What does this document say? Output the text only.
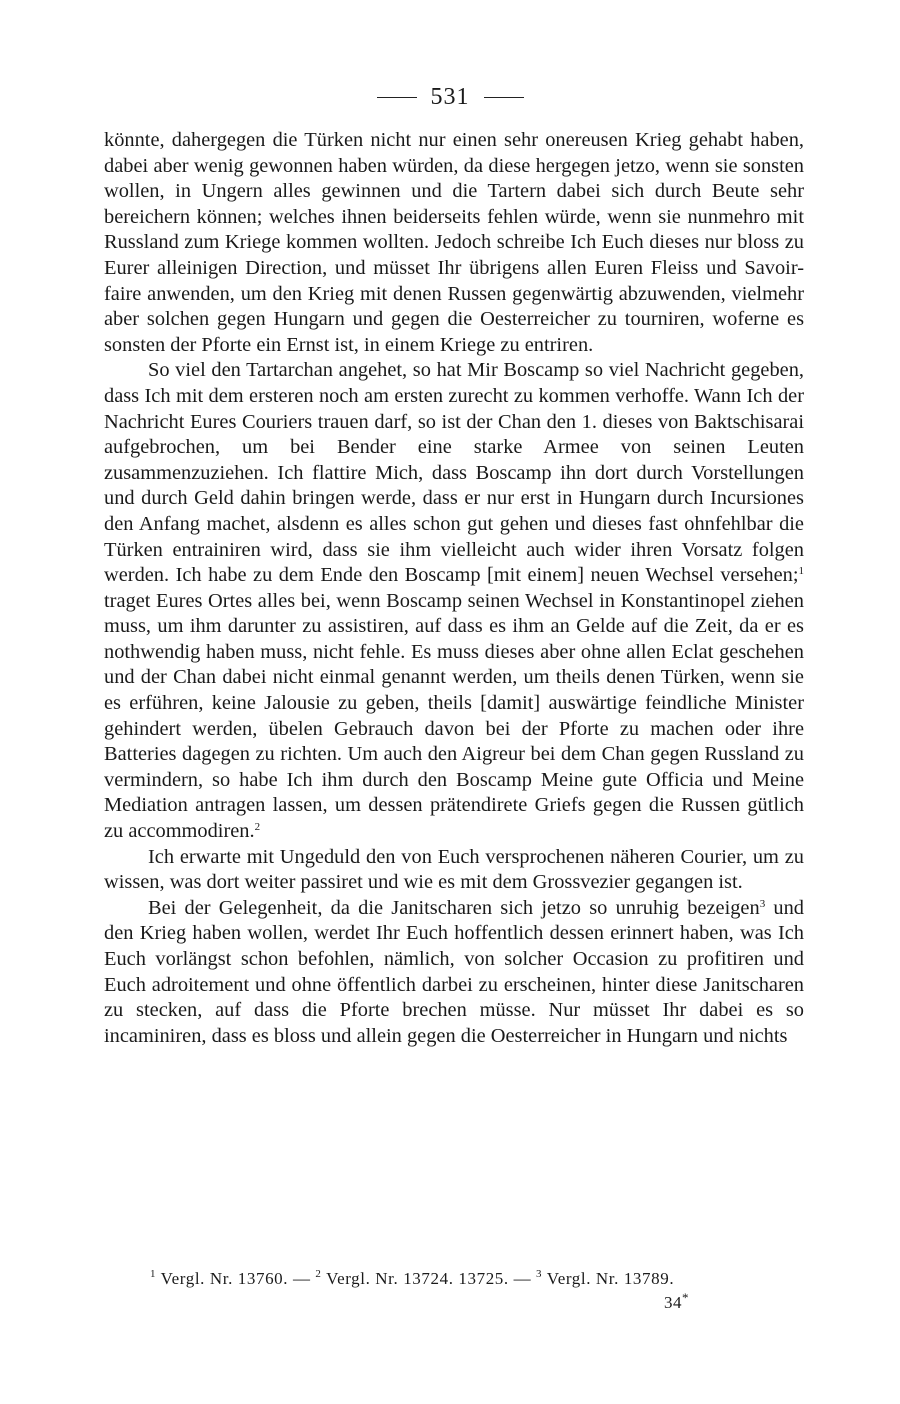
531

könnte, dahergegen die Türken nicht nur einen sehr onereusen Krieg gehabt haben, dabei aber wenig gewonnen haben würden, da diese hergegen jetzo, wenn sie sonsten wollen, in Ungern alles gewinnen und die Tartern dabei sich durch Beute sehr bereichern können; welches ihnen beiderseits fehlen würde, wenn sie nunmehro mit Russland zum Kriege kommen wollten. Jedoch schreibe Ich Euch dieses nur bloss zu Eurer alleinigen Direction, und müsset Ihr übrigens allen Euren Fleiss und Savoir-faire anwenden, um den Krieg mit denen Russen gegenwärtig abzuwenden, vielmehr aber solchen gegen Hungarn und gegen die Oesterreicher zu tourniren, woferne es sonsten der Pforte ein Ernst ist, in einem Kriege zu entriren.

So viel den Tartarchan angehet, so hat Mir Boscamp so viel Nachricht gegeben, dass Ich mit dem ersteren noch am ersten zurecht zu kommen verhoffe. Wann Ich der Nachricht Eures Couriers trauen darf, so ist der Chan den 1. dieses von Baktschisarai aufgebrochen, um bei Bender eine starke Armee von seinen Leuten zusammenzuziehen. Ich flattire Mich, dass Boscamp ihn dort durch Vorstellungen und durch Geld dahin bringen werde, dass er nur erst in Hungarn durch Incursiones den Anfang machet, alsdenn es alles schon gut gehen und dieses fast ohnfehlbar die Türken entrainiren wird, dass sie ihm vielleicht auch wider ihren Vorsatz folgen werden. Ich habe zu dem Ende den Boscamp [mit einem] neuen Wechsel versehen;$^1$ traget Eures Ortes alles bei, wenn Boscamp seinen Wechsel in Konstantinopel ziehen muss, um ihm darunter zu assistiren, auf dass es ihm an Gelde auf die Zeit, da er es nothwendig haben muss, nicht fehle. Es muss dieses aber ohne allen Eclat geschehen und der Chan dabei nicht einmal genannt werden, um theils denen Türken, wenn sie es erführen, keine Jalousie zu geben, theils [damit] auswärtige feindliche Minister gehindert werden, übelen Gebrauch davon bei der Pforte zu machen oder ihre Batteries dagegen zu richten. Um auch den Aigreur bei dem Chan gegen Russland zu vermindern, so habe Ich ihm durch den Boscamp Meine gute Officia und Meine Mediation antragen lassen, um dessen prätendirete Griefs gegen die Russen gütlich zu accommodiren.$^2$

Ich erwarte mit Ungeduld den von Euch versprochenen näheren Courier, um zu wissen, was dort weiter passiret und wie es mit dem Grossvezier gegangen ist.

Bei der Gelegenheit, da die Janitscharen sich jetzo so unruhig bezeigen$^3$ und den Krieg haben wollen, werdet Ihr Euch hoffentlich dessen erinnert haben, was Ich Euch vorlängst schon befohlen, nämlich, von solcher Occasion zu profitiren und Euch adroitement und ohne öffentlich darbei zu erscheinen, hinter diese Janitscharen zu stecken, auf dass die Pforte brechen müsse. Nur müsset Ihr dabei es so incaminiren, dass es bloss und allein gegen die Oesterreicher in Hungarn und nichts

$^1$ Vergl. Nr. 13760. — $^2$ Vergl. Nr. 13724. 13725. — $^3$ Vergl. Nr. 13789.
34*
